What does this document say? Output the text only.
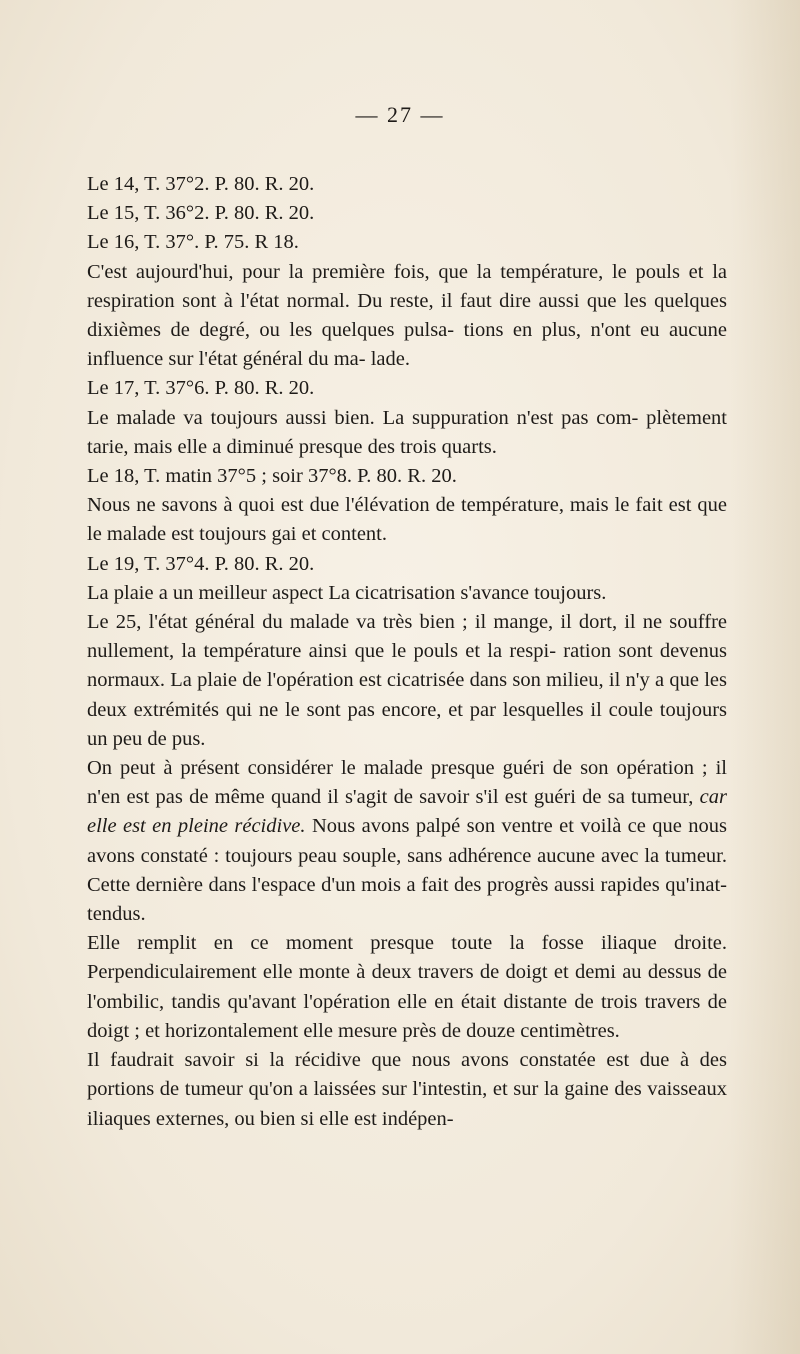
— 27 —

Le 14, T. 37°2. P. 80. R. 20.

Le 15, T. 36°2. P. 80. R. 20.

Le 16, T. 37°. P. 75. R 18.

C'est aujourd'hui, pour la première fois, que la température, le pouls et la respiration sont à l'état normal. Du reste, il faut dire aussi que les quelques dixièmes de degré, ou les quelques pulsa- tions en plus, n'ont eu aucune influence sur l'état général du ma- lade.

Le 17, T. 37°6. P. 80. R. 20.

Le malade va toujours aussi bien. La suppuration n'est pas com- plètement tarie, mais elle a diminué presque des trois quarts.

Le 18, T. matin 37°5 ; soir 37°8. P. 80. R. 20.

Nous ne savons à quoi est due l'élévation de température, mais le fait est que le malade est toujours gai et content.

Le 19, T. 37°4. P. 80. R. 20.

La plaie a un meilleur aspect La cicatrisation s'avance toujours.

Le 25, l'état général du malade va très bien ; il mange, il dort, il ne souffre nullement, la température ainsi que le pouls et la respi- ration sont devenus normaux. La plaie de l'opération est cicatrisée dans son milieu, il n'y a que les deux extrémités qui ne le sont pas encore, et par lesquelles il coule toujours un peu de pus.

On peut à présent considérer le malade presque guéri de son opération ; il n'en est pas de même quand il s'agit de savoir s'il est guéri de sa tumeur, car elle est en pleine récidive. Nous avons palpé son ventre et voilà ce que nous avons constaté : toujours peau souple, sans adhérence aucune avec la tumeur. Cette dernière dans l'espace d'un mois a fait des progrès aussi rapides qu'inat- tendus.

Elle remplit en ce moment presque toute la fosse iliaque droite. Perpendiculairement elle monte à deux travers de doigt et demi au dessus de l'ombilic, tandis qu'avant l'opération elle en était distante de trois travers de doigt ; et horizontalement elle mesure près de douze centimètres.

Il faudrait savoir si la récidive que nous avons constatée est due à des portions de tumeur qu'on a laissées sur l'intestin, et sur la gaine des vaisseaux iliaques externes, ou bien si elle est indépen-
